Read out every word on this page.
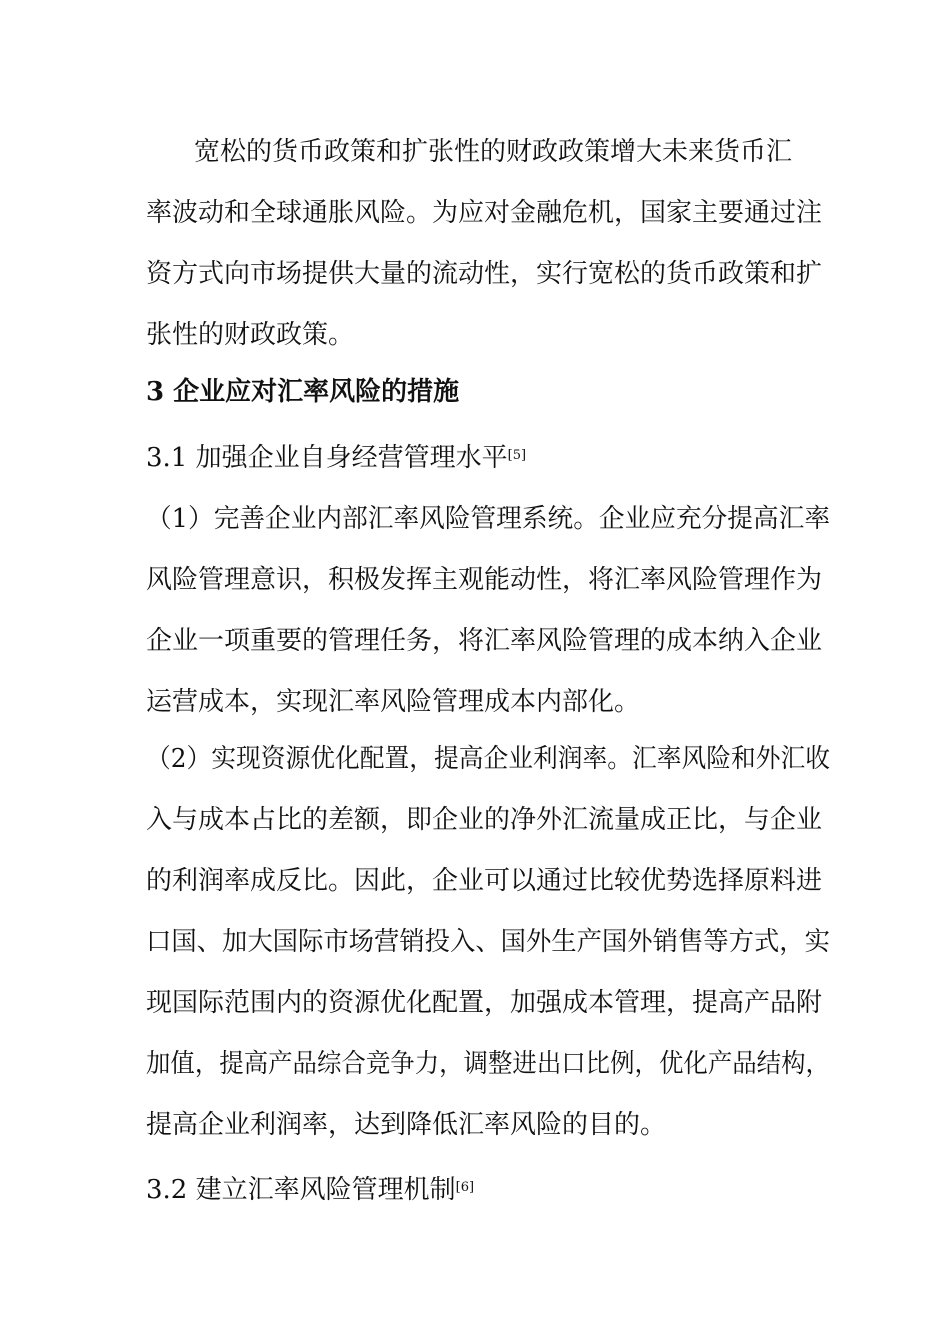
宽松的货币政策和扩张性的财政政策增大未来货币汇
率波动和全球通胀风险。为应对金融危机，国家主要通过注
资方式向市场提供大量的流动性，实行宽松的货币政策和扩
张性的财政政策。
3 企业应对汇率风险的措施
3.1 加强企业自身经营管理水平[5]
（1）完善企业内部汇率风险管理系统。企业应充分提高汇率
风险管理意识，积极发挥主观能动性，将汇率风险管理作为
企业一项重要的管理任务，将汇率风险管理的成本纳入企业
运营成本，实现汇率风险管理成本内部化。
（2）实现资源优化配置，提高企业利润率。汇率风险和外汇收
入与成本占比的差额，即企业的净外汇流量成正比，与企业
的利润率成反比。因此，企业可以通过比较优势选择原料进
口国、加大国际市场营销投入、国外生产国外销售等方式，实
现国际范围内的资源优化配置，加强成本管理，提高产品附
加值，提高产品综合竞争力，调整进出口比例，优化产品结构，
提高企业利润率，达到降低汇率风险的目的。
3.2 建立汇率风险管理机制[6]
